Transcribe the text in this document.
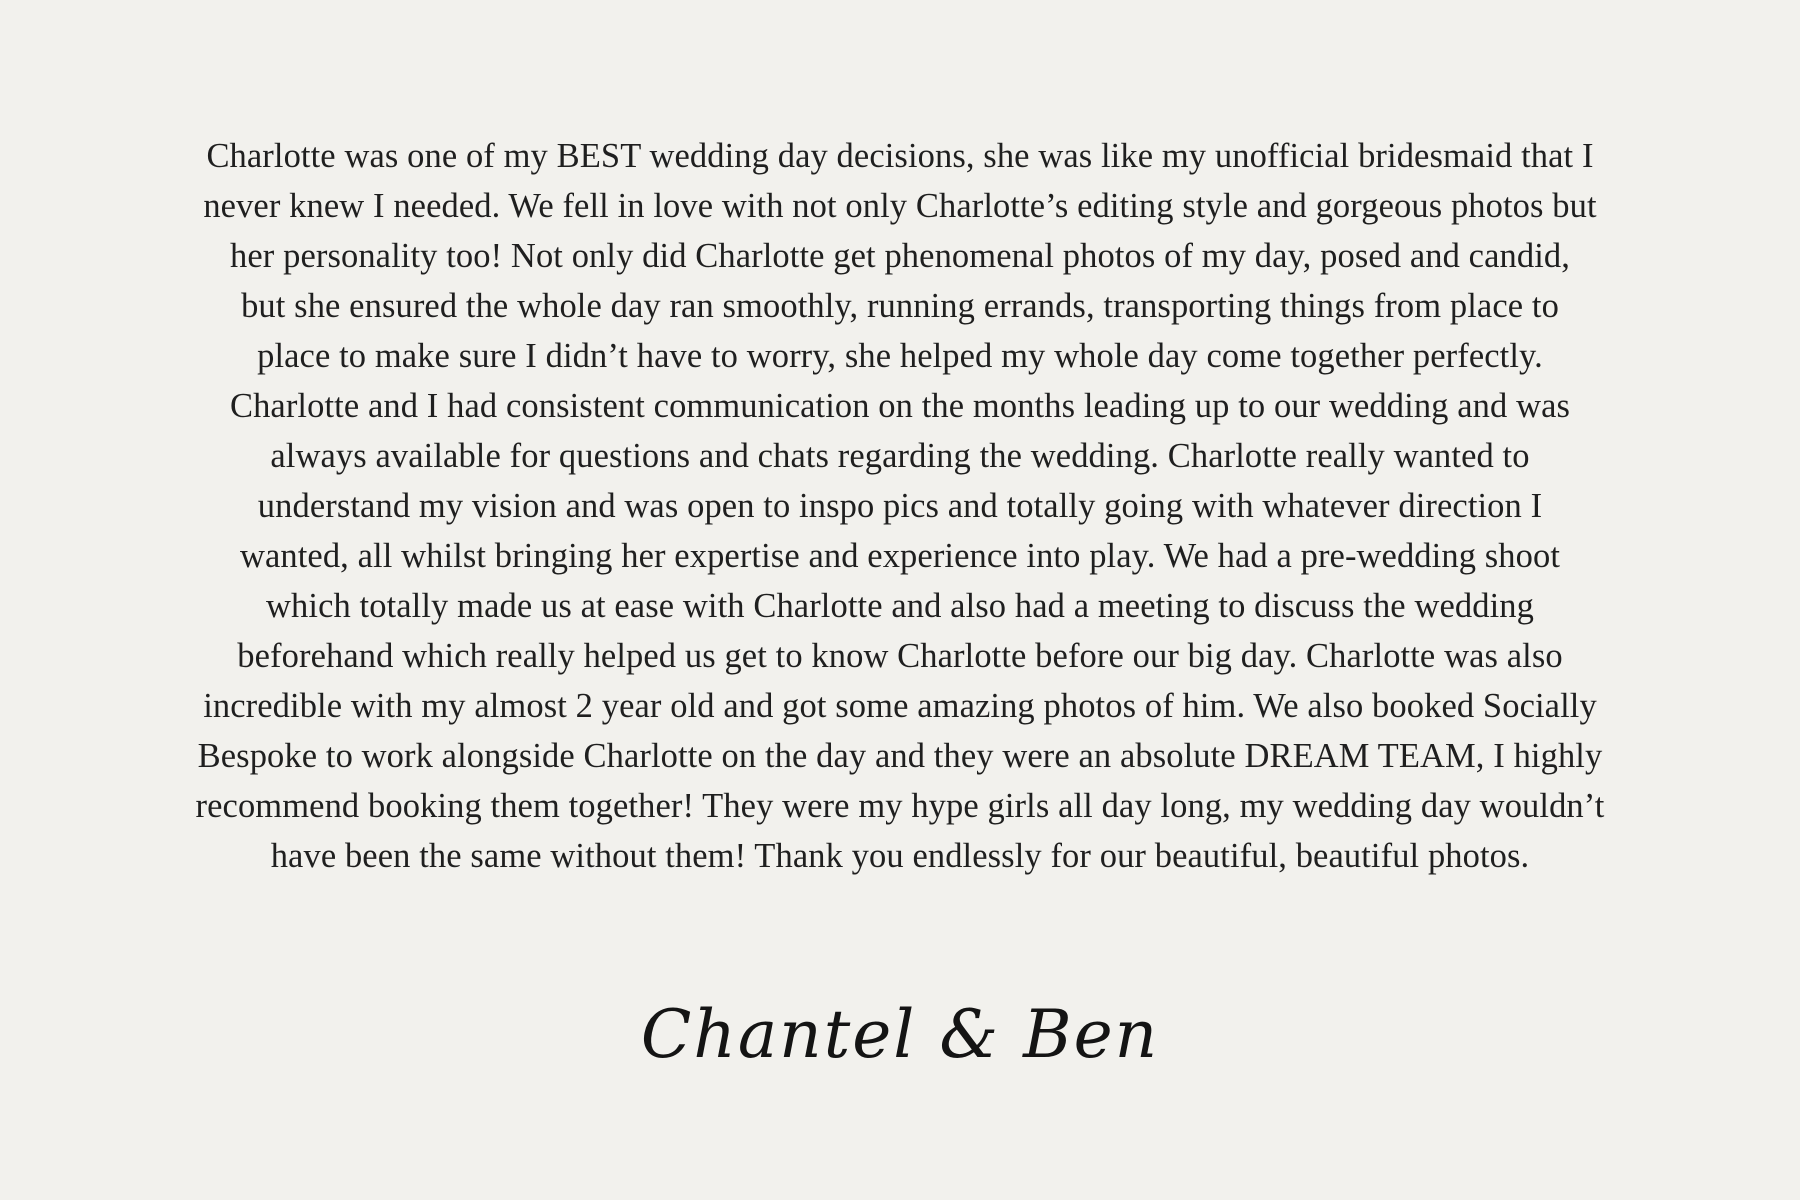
Charlotte was one of my BEST wedding day decisions, she was like my unofficial bridesmaid that I
never knew I needed. We fell in love with not only Charlotte’s editing style and gorgeous photos but
her personality too! Not only did Charlotte get phenomenal photos of my day, posed and candid,
but she ensured the whole day ran smoothly, running errands, transporting things from place to
place to make sure I didn’t have to worry, she helped my whole day come together perfectly.
Charlotte and I had consistent communication on the months leading up to our wedding and was
always available for questions and chats regarding the wedding. Charlotte really wanted to
understand my vision and was open to inspo pics and totally going with whatever direction I
wanted, all whilst bringing her expertise and experience into play. We had a pre-wedding shoot
which totally made us at ease with Charlotte and also had a meeting to discuss the wedding
beforehand which really helped us get to know Charlotte before our big day. Charlotte was also
incredible with my almost 2 year old and got some amazing photos of him. We also booked Socially
Bespoke to work alongside Charlotte on the day and they were an absolute DREAM TEAM, I highly
recommend booking them together! They were my hype girls all day long, my wedding day wouldn’t
have been the same without them! Thank you endlessly for our beautiful, beautiful photos.

Chantel & Ben
